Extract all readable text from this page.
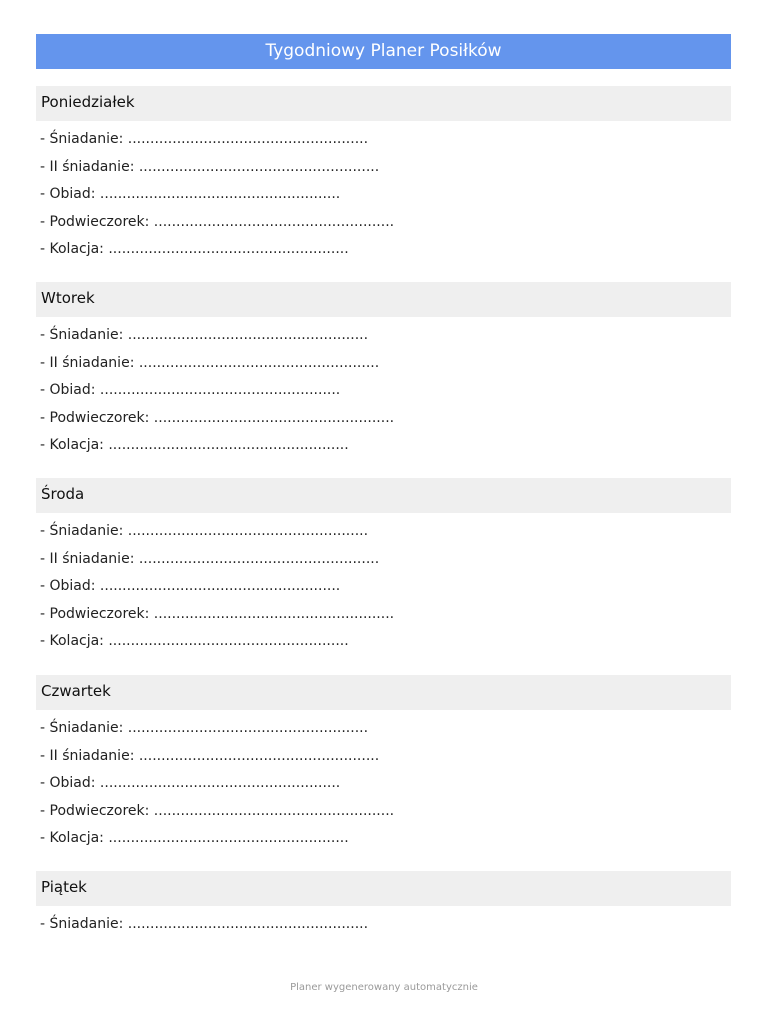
Tygodniowy Planer Posiłków
Poniedziałek
- Śniadanie: ......................................................
- II śniadanie: ......................................................
- Obiad: ......................................................
- Podwieczorek: ......................................................
- Kolacja: ......................................................
Wtorek
- Śniadanie: ......................................................
- II śniadanie: ......................................................
- Obiad: ......................................................
- Podwieczorek: ......................................................
- Kolacja: ......................................................
Środa
- Śniadanie: ......................................................
- II śniadanie: ......................................................
- Obiad: ......................................................
- Podwieczorek: ......................................................
- Kolacja: ......................................................
Czwartek
- Śniadanie: ......................................................
- II śniadanie: ......................................................
- Obiad: ......................................................
- Podwieczorek: ......................................................
- Kolacja: ......................................................
Piątek
- Śniadanie: ......................................................
Planer wygenerowany automatycznie
